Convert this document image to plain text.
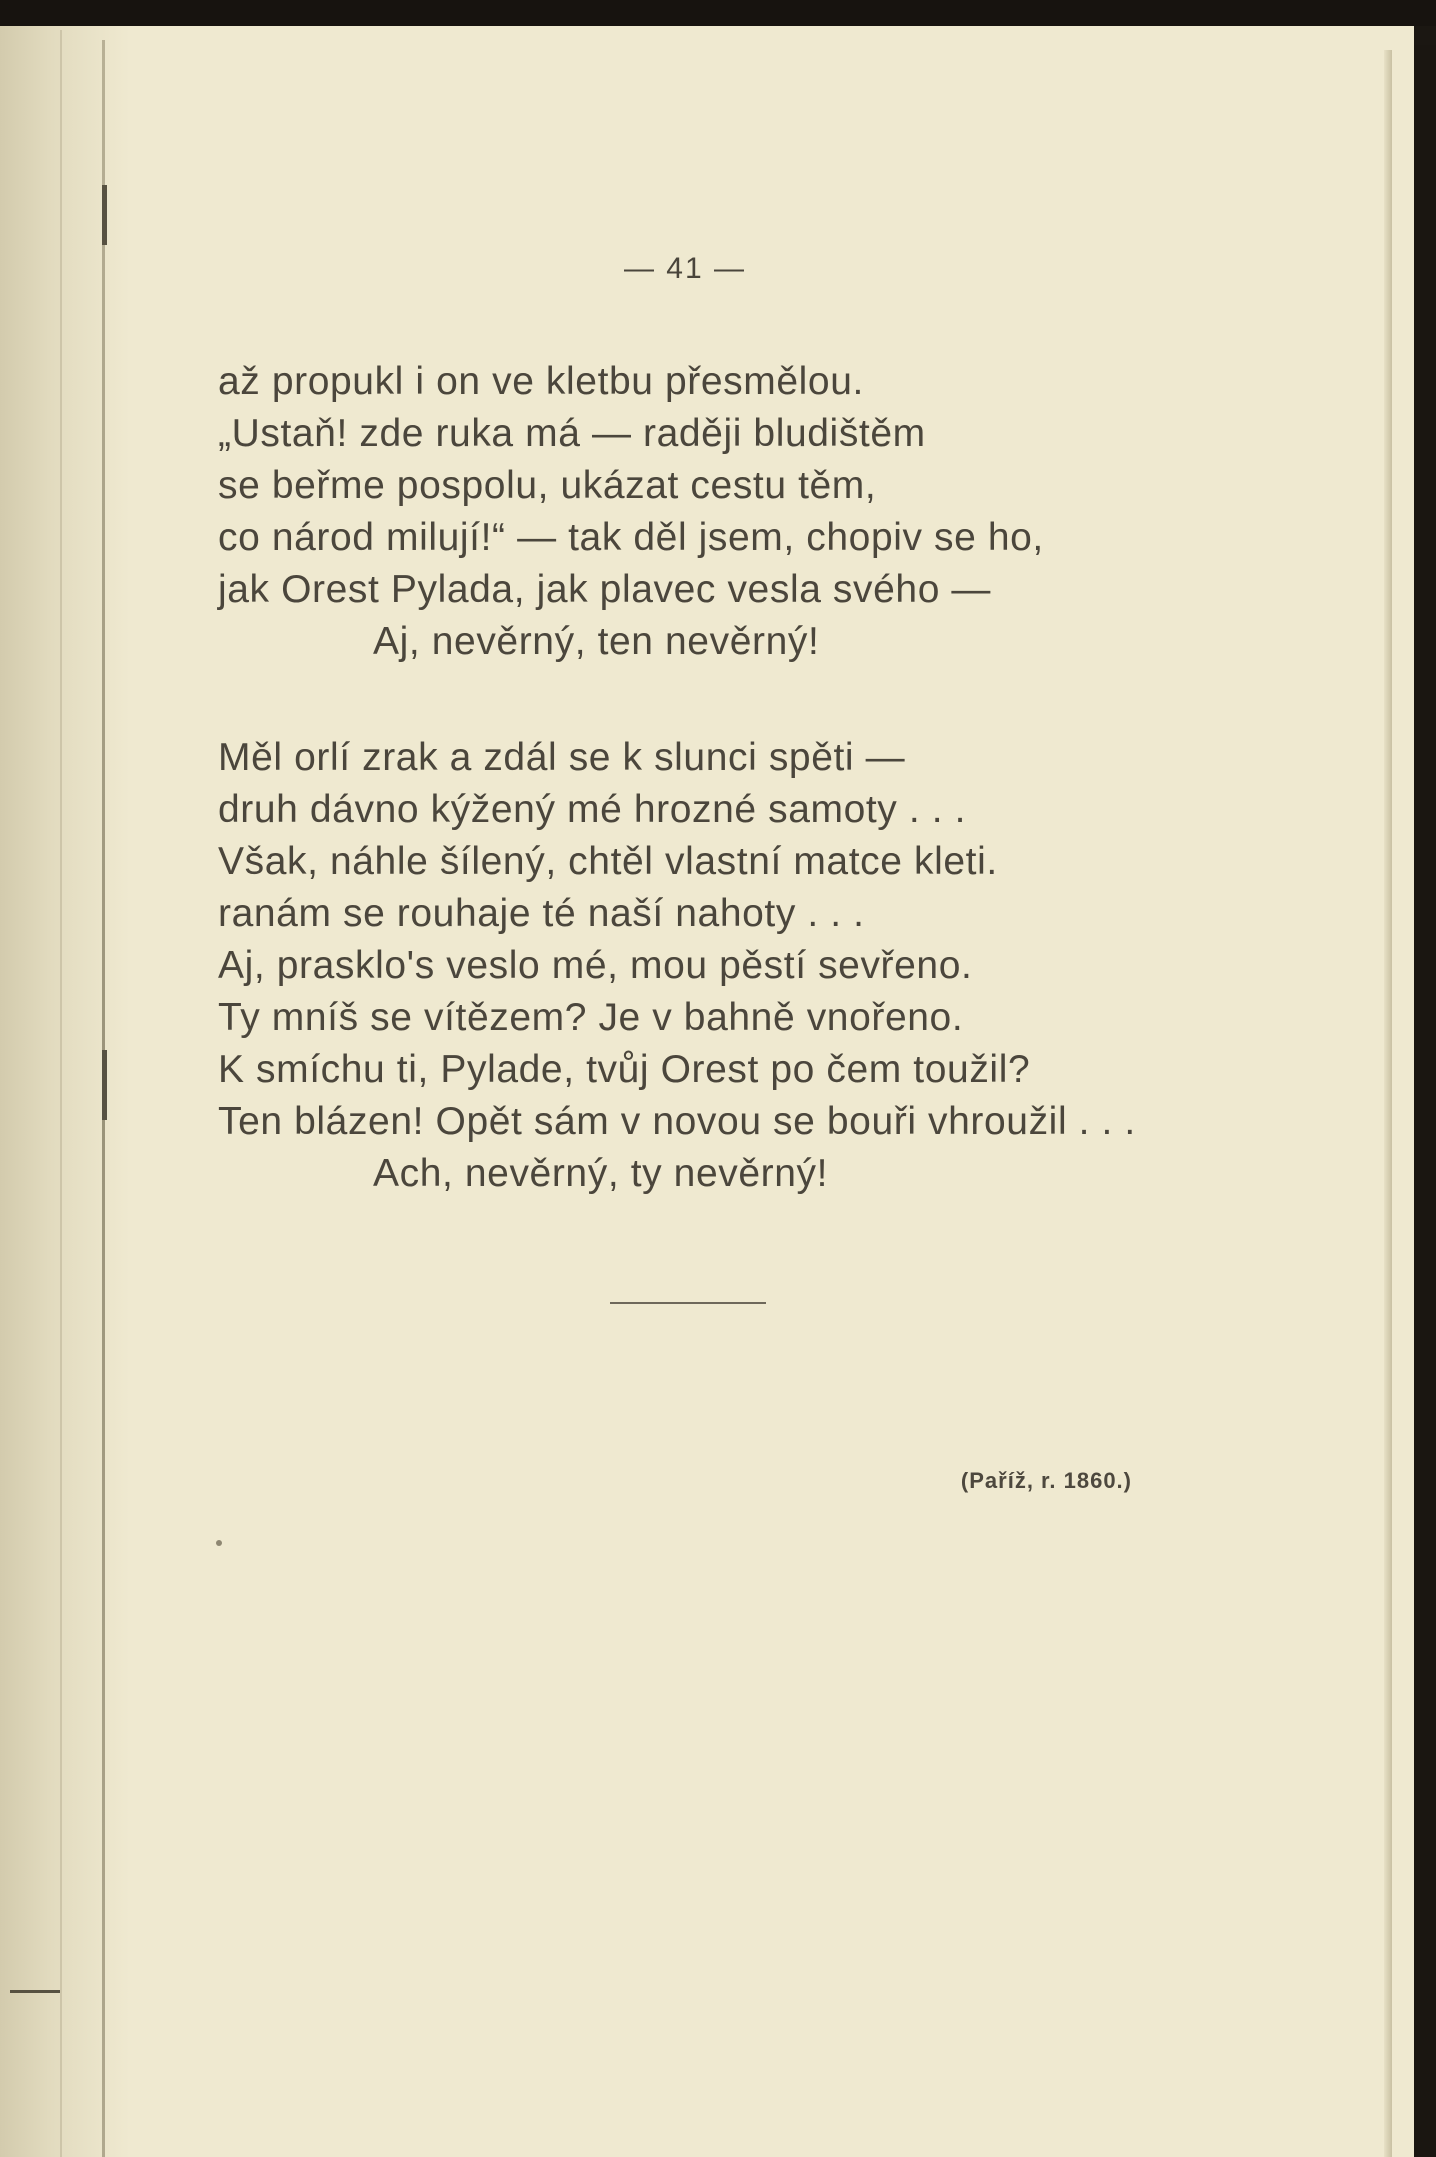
— 41 —
až propukl i on ve kletbu přesmělou.
„Ustaň! zde ruka má — raději bludištěm
se beřme pospolu, ukázat cestu těm,
co národ milují!“ — tak děl jsem, chopiv se ho,
jak Orest Pylada, jak plavec vesla svého —
Aj, nevěrný, ten nevěrný!
Měl orlí zrak a zdál se k slunci spěti —
druh dávno kýžený mé hrozné samoty . . .
Však, náhle šílený, chtěl vlastní matce kleti.
ranám se rouhaje té naší nahoty . . .
Aj, prasklo's veslo mé, mou pěstí sevřeno.
Ty mníš se vítězem? Je v bahně vnořeno.
K smíchu ti, Pylade, tvůj Orest po čem toužil?
Ten blázen! Opět sám v novou se bouři vhroužil . . .
Ach, nevěrný, ty nevěrný!
(Paříž, r. 1860.)
